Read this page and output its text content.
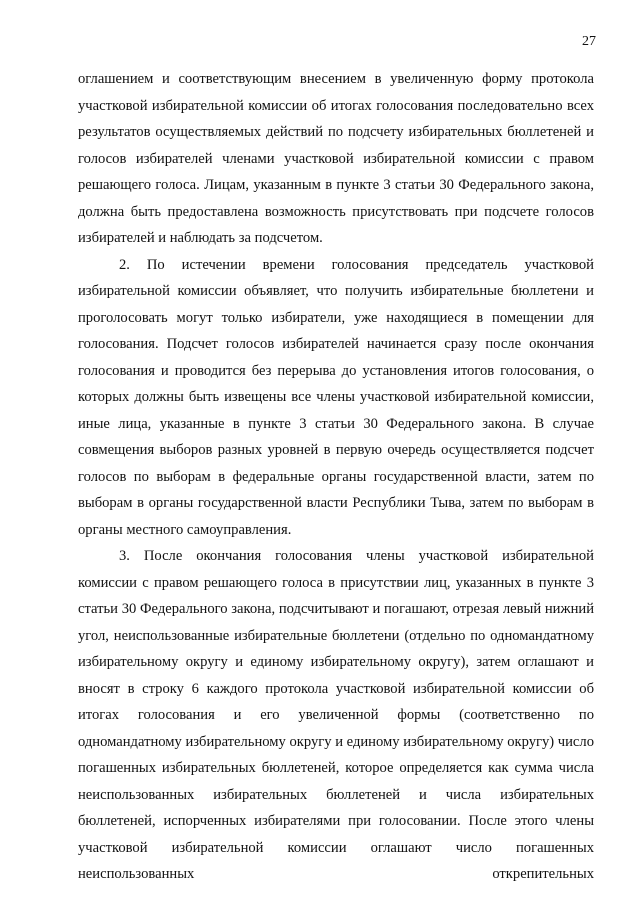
27

оглашением и соответствующим внесением в увеличенную форму протокола участковой избирательной комиссии об итогах голосования последовательно всех результатов осуществляемых действий по подсчету избирательных бюллетеней и голосов избирателей членами участковой избирательной комиссии с правом решающего голоса. Лицам, указанным в пункте 3 статьи 30 Федерального закона, должна быть предоставлена возможность присутствовать при подсчете голосов избирателей и наблюдать за подсчетом.

2. По истечении времени голосования председатель участковой избирательной комиссии объявляет, что получить избирательные бюллетени и проголосовать могут только избиратели, уже находящиеся в помещении для голосования. Подсчет голосов избирателей начинается сразу после окончания голосования и проводится без перерыва до установления итогов голосования, о которых должны быть извещены все члены участковой избирательной комиссии, иные лица, указанные в пункте 3 статьи 30 Федерального закона. В случае совмещения выборов разных уровней в первую очередь осуществляется подсчет голосов по выборам в федеральные органы государственной власти, затем по выборам в органы государственной власти Республики Тыва, затем по выборам в органы местного самоуправления.

3. После окончания голосования члены участковой избирательной комиссии с правом решающего голоса в присутствии лиц, указанных в пункте 3 статьи 30 Федерального закона, подсчитывают и погашают, отрезая левый нижний угол, неиспользованные избирательные бюллетени (отдельно по одномандатному избирательному округу и единому избирательному округу), затем оглашают и вносят в строку 6 каждого протокола участковой избирательной комиссии об итогах голосования и его увеличенной формы (соответственно по одномандатному избирательному округу и единому избирательному округу) число погашенных избирательных бюллетеней, которое определяется как сумма числа неиспользованных избирательных бюллетеней и числа избирательных бюллетеней, испорченных избирателями при голосовании. После этого члены участковой избирательной комиссии оглашают число погашенных неиспользованных открепительных
